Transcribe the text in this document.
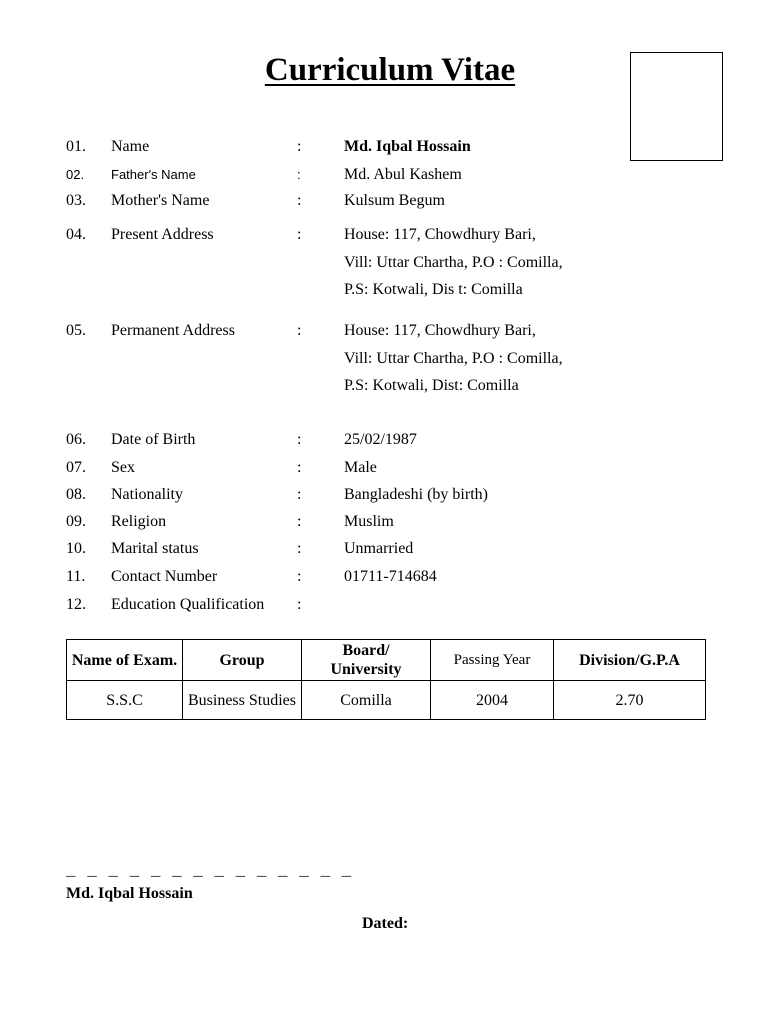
Curriculum Vitae
01. Name	:	Md. Iqbal Hossain
02. Father's Name	:	Md. Abul Kashem
03. Mother's Name	:	Kulsum Begum
04. Present Address	:	House: 117, Chowdhury Bari,
Vill: Uttar Chartha, P.O : Comilla,
P.S: Kotwali, Dis t: Comilla
05. Permanent Address	:	House: 117, Chowdhury Bari,
Vill: Uttar Chartha, P.O : Comilla,
P.S: Kotwali, Dist: Comilla
06. Date of Birth	:	25/02/1987
07. Sex	:	Male
08. Nationality	:	Bangladeshi (by birth)
09. Religion	:	Muslim
10. Marital status	:	Unmarried
11. Contact Number	:	01711-714684
12. Education Qualification :
Name of Exam.	Group	Board/ University	Passing Year	Division/G.P.A
S.S.C	Business Studies	Comilla	2004	2.70
_ _ _ _ _ _ _ _ _ _ _ _ _ _
Md. Iqbal Hossain
Dated:
